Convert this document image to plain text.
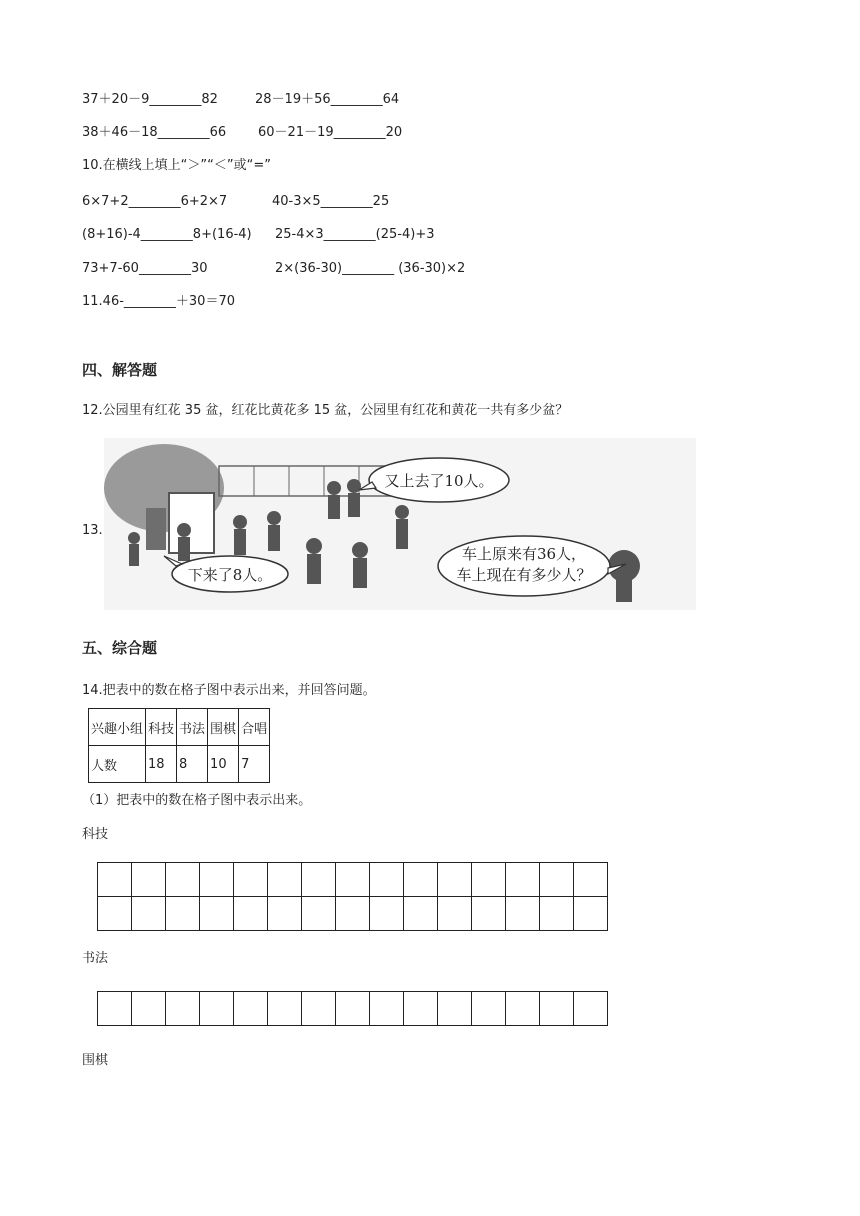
37＋20－9________82	28－19＋56________64
38＋46－18________66 60－21－19________20
10.在横线上填上“＞”“＜”或“=”
6×7+2________6+2×7	40-3×5________25
(8+16)-4________8+(16-4) 25-4×3________(25-4)+3
73+7-60________30	2×(36-30)________ (36-30)×2
11.46-________＋30＝70
四、解答题
12.公园里有红花 35 盆，红花比黄花多 15 盆，公园里有红花和黄花一共有多少盆？
13.
又上去了10人。
下来了8人。
车上原来有36人，
车上现在有多少人？
五、综合题
14.把表中的数在格子图中表示出来，并回答问题。
兴趣小组	科技	书法	围棋	合唱
人数	18	8	10	7
（1）把表中的数在格子图中表示出来。
科技

书法

围棋
